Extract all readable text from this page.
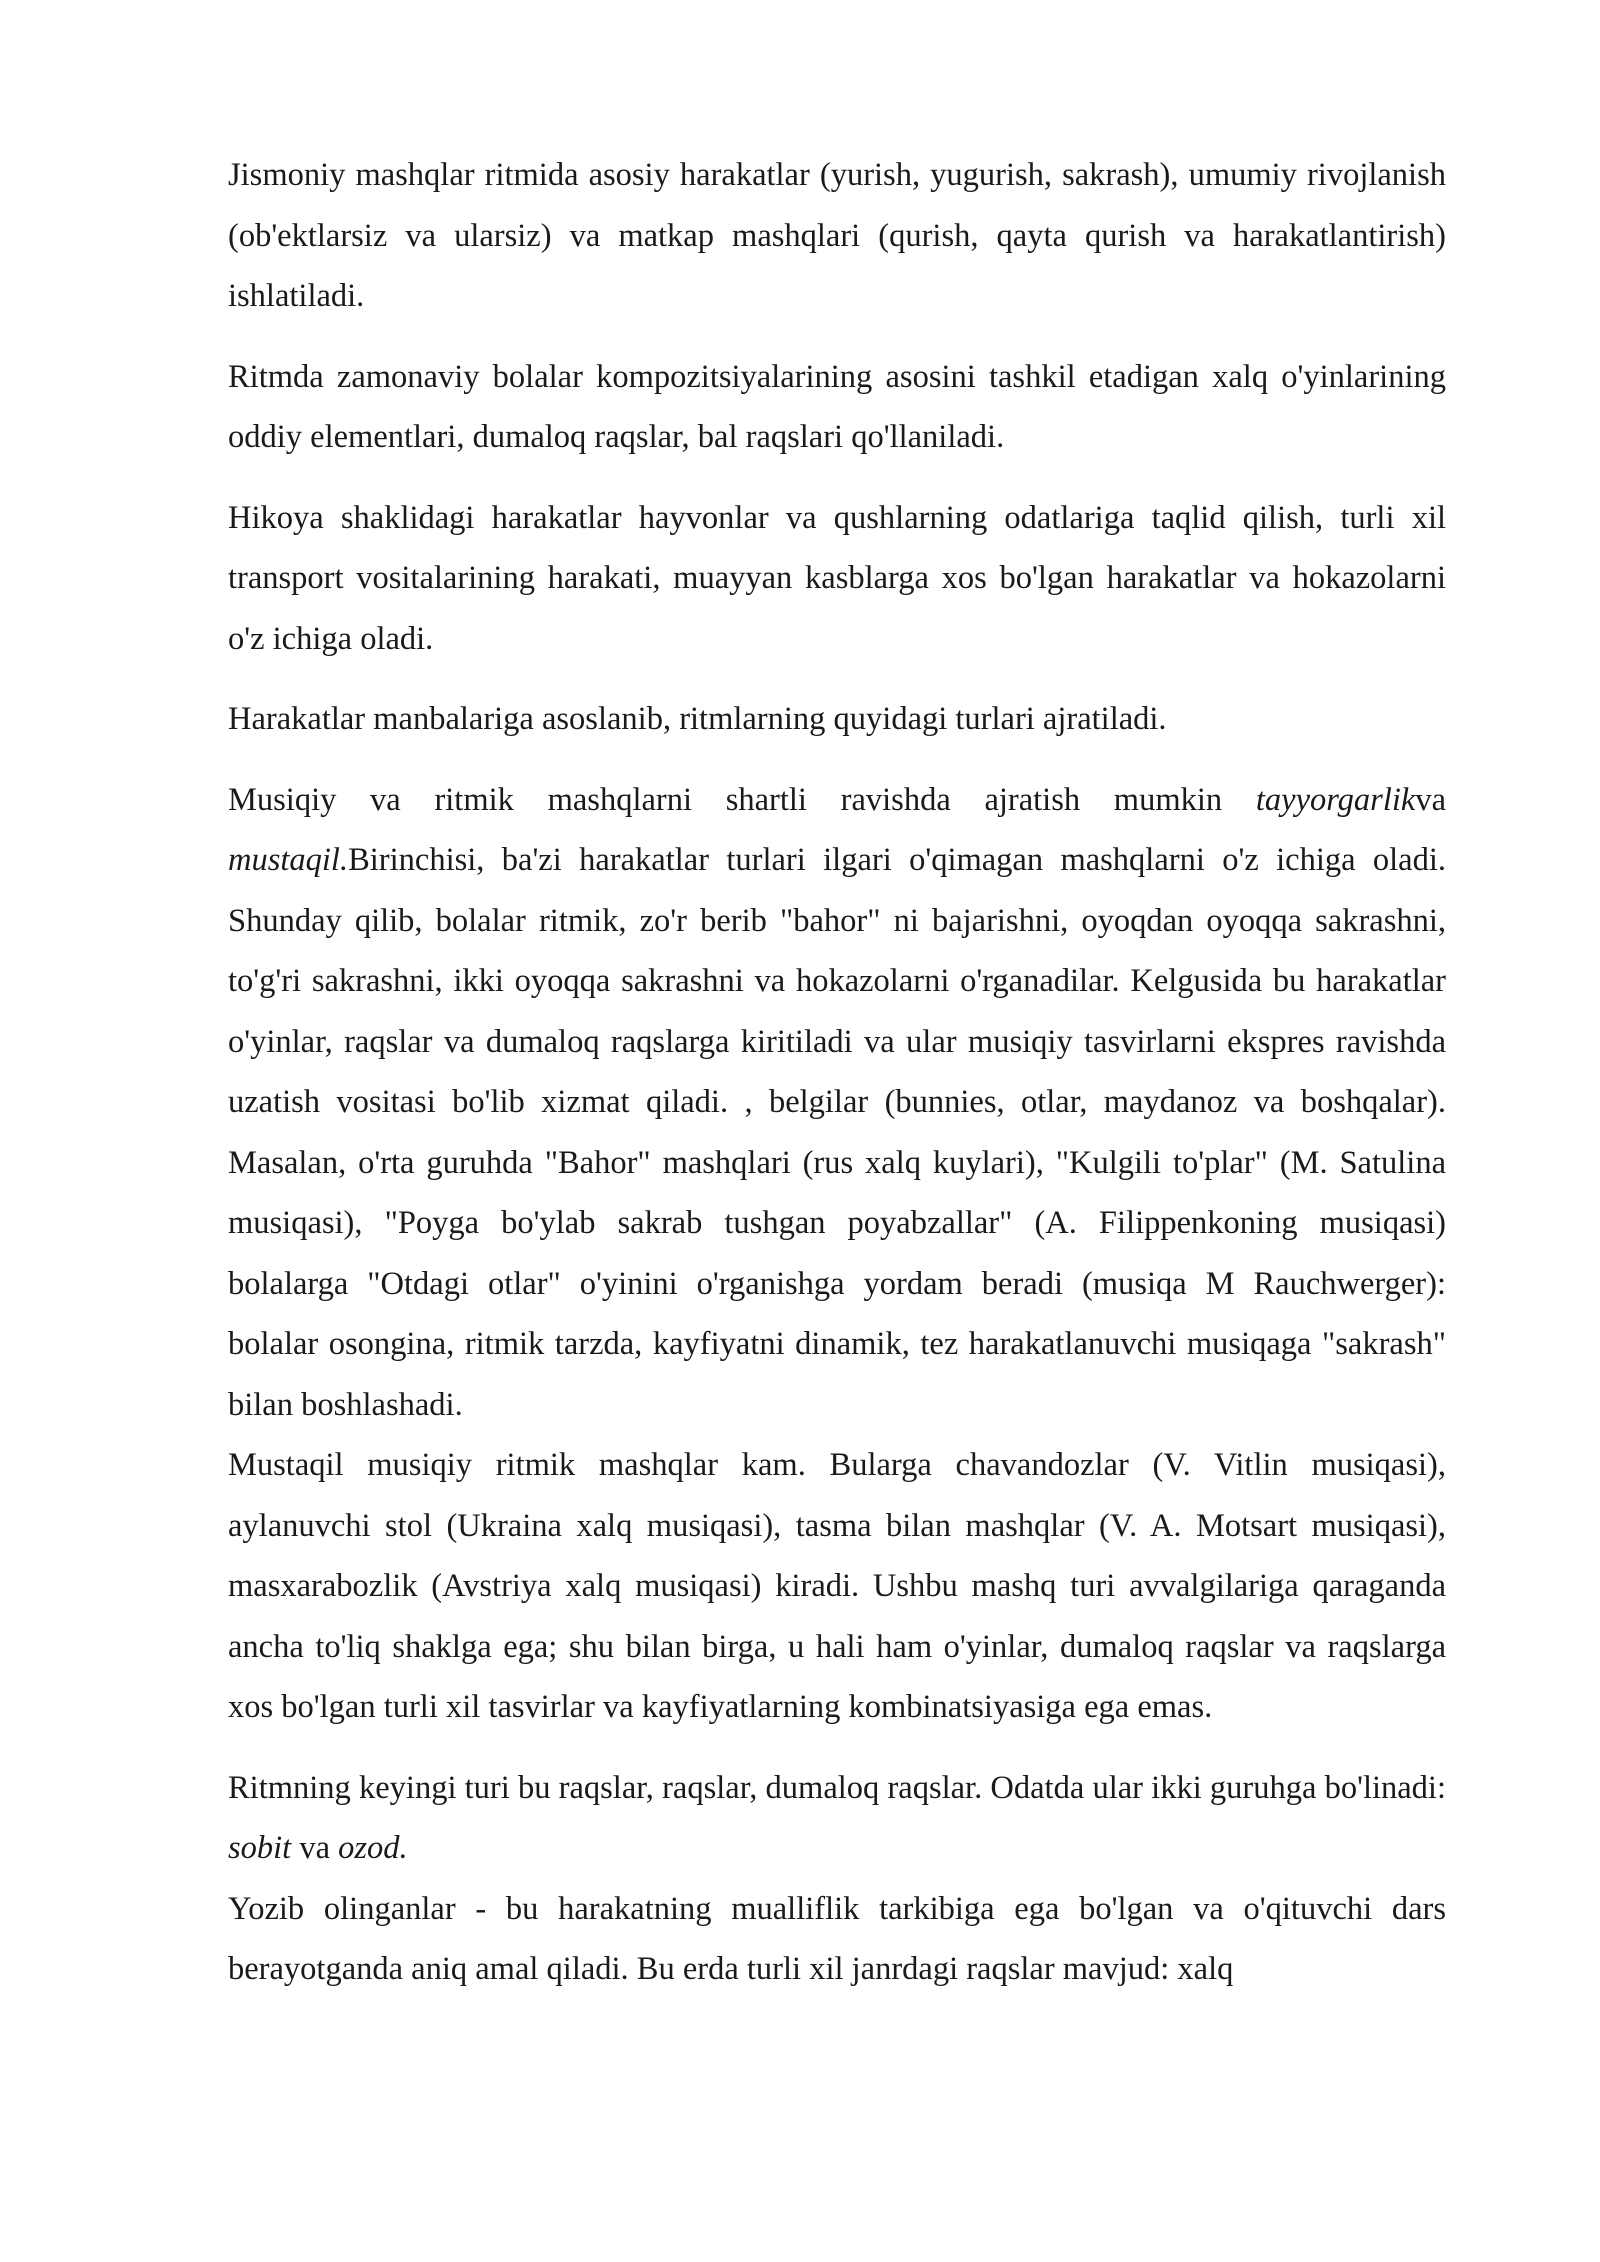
Jismoniy mashqlar ritmida asosiy harakatlar (yurish, yugurish, sakrash), umumiy rivojlanish (ob'ektlarsiz va ularsiz) va matkap mashqlari (qurish, qayta qurish va harakatlantirish) ishlatiladi.

Ritmda zamonaviy bolalar kompozitsiyalarining asosini tashkil etadigan xalq o'yinlarining oddiy elementlari, dumaloq raqslar, bal raqslari qo'llaniladi.

Hikoya shaklidagi harakatlar hayvonlar va qushlarning odatlariga taqlid qilish, turli xil transport vositalarining harakati, muayyan kasblarga xos bo'lgan harakatlar va hokazolarni o'z ichiga oladi.

Harakatlar manbalariga asoslanib, ritmlarning quyidagi turlari ajratiladi.

Musiqiy va ritmik mashqlarni shartli ravishda ajratish mumkin tayyorgarlikva mustaqil.Birinchisi, ba'zi harakatlar turlari ilgari o'qimagan mashqlarni o'z ichiga oladi. Shunday qilib, bolalar ritmik, zo'r berib "bahor" ni bajarishni, oyoqdan oyoqqa sakrashni, to'g'ri sakrashni, ikki oyoqqa sakrashni va hokazolarni o'rganadilar. Kelgusida bu harakatlar o'yinlar, raqslar va dumaloq raqslarga kiritiladi va ular musiqiy tasvirlarni ekspres ravishda uzatish vositasi bo'lib xizmat qiladi. , belgilar (bunnies, otlar, maydanoz va boshqalar). Masalan, o'rta guruhda "Bahor" mashqlari (rus xalq kuylari), "Kulgili to'plar" (M. Satulina musiqasi), "Poyga bo'ylab sakrab tushgan poyabzallar" (A. Filippenkoning musiqasi) bolalarga "Otdagi otlar" o'yinini o'rganishga yordam beradi (musiqa M Rauchwerger): bolalar osongina, ritmik tarzda, kayfiyatni dinamik, tez harakatlanuvchi musiqaga "sakrash" bilan boshlashadi.

Mustaqil musiqiy ritmik mashqlar kam. Bularga chavandozlar (V. Vitlin musiqasi), aylanuvchi stol (Ukraina xalq musiqasi), tasma bilan mashqlar (V. A. Motsart musiqasi), masxarabozlik (Avstriya xalq musiqasi) kiradi. Ushbu mashq turi avvalgilariga qaraganda ancha to'liq shaklga ega; shu bilan birga, u hali ham o'yinlar, dumaloq raqslar va raqslarga xos bo'lgan turli xil tasvirlar va kayfiyatlarning kombinatsiyasiga ega emas.

Ritmning keyingi turi bu raqslar, raqslar, dumaloq raqslar. Odatda ular ikki guruhga bo'linadi: sobit va ozod.

Yozib olinganlar - bu harakatning mualliflik tarkibiga ega bo'lgan va o'qituvchi dars berayotganda aniq amal qiladi. Bu erda turli xil janrdagi raqslar mavjud: xalq
